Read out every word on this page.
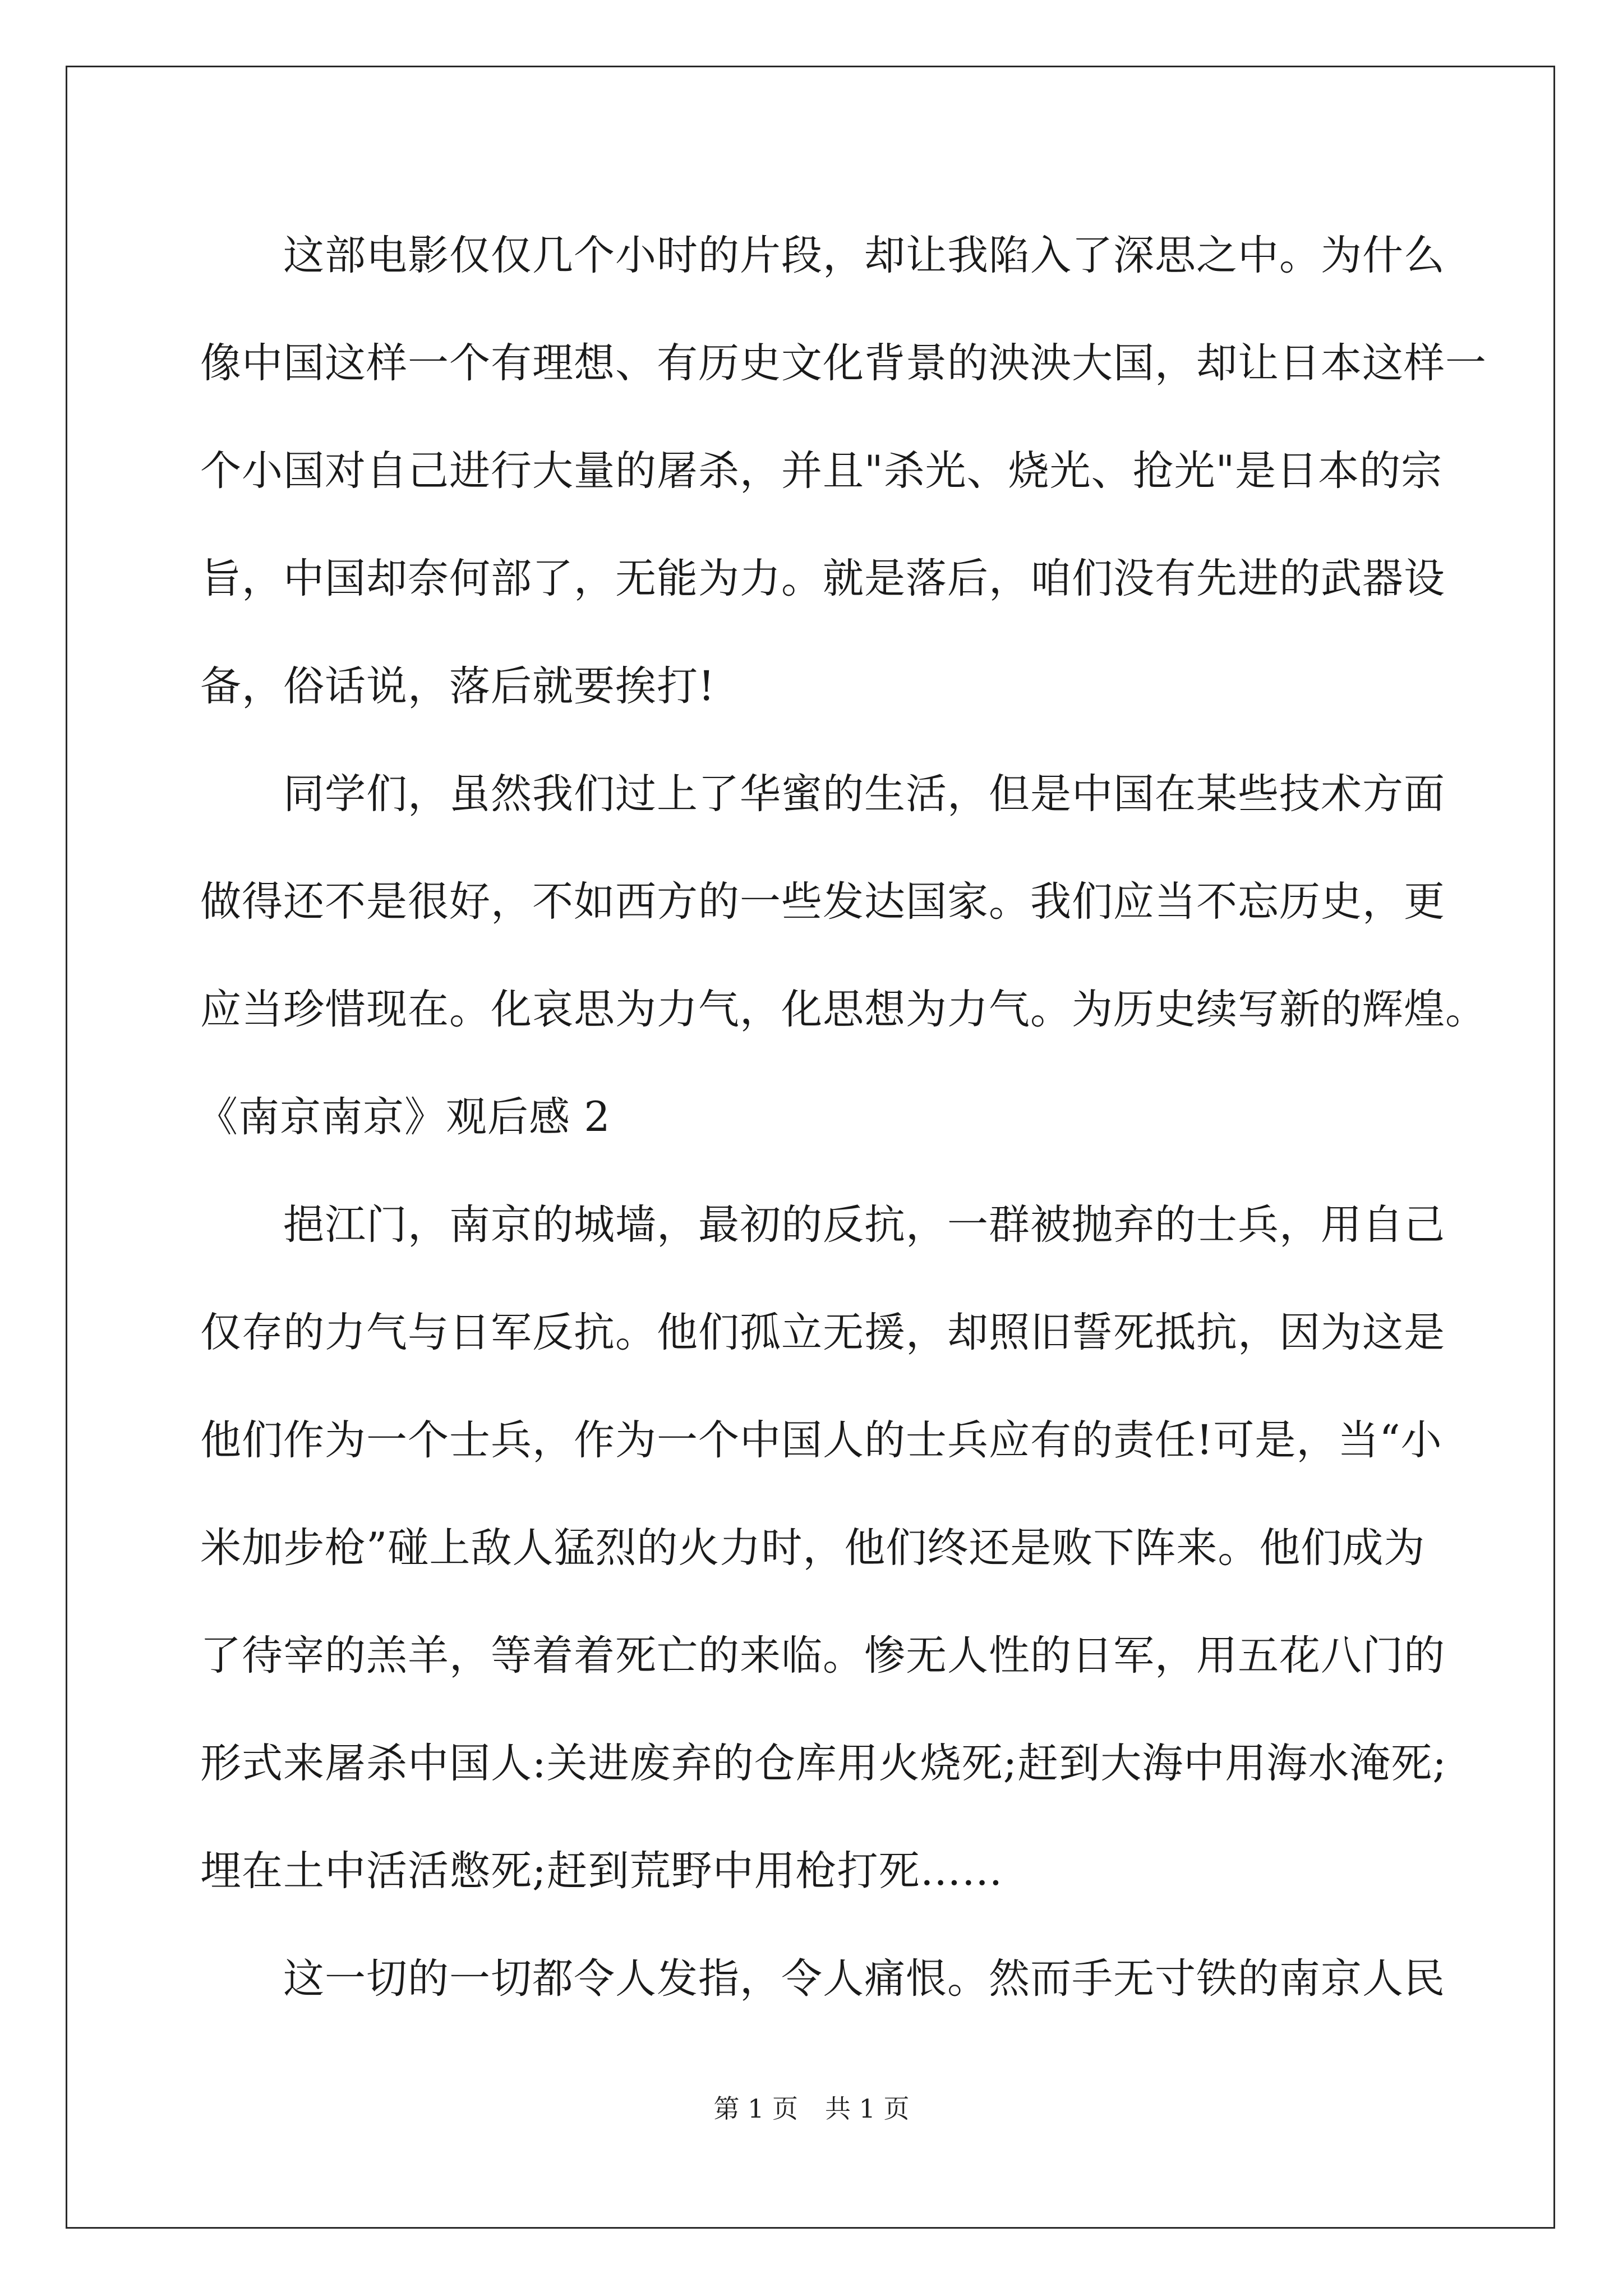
这部电影仅仅几个小时的片段，却让我陷入了深思之中。为什么
像中国这样一个有理想、有历史文化背景的泱泱大国，却让日本这样一
个小国对自己进行大量的屠杀，并且"杀光、烧光、抢光"是日本的宗
旨，中国却奈何部了，无能为力。就是落后，咱们没有先进的武器设
备，俗话说，落后就要挨打!
同学们，虽然我们过上了华蜜的生活，但是中国在某些技术方面
做得还不是很好，不如西方的一些发达国家。我们应当不忘历史，更
应当珍惜现在。化哀思为力气，化思想为力气。为历史续写新的辉煌。
《南京南京》观后感 2
挹江门，南京的城墙，最初的反抗，一群被抛弃的士兵，用自己
仅存的力气与日军反抗。他们孤立无援，却照旧誓死抵抗，因为这是
他们作为一个士兵，作为一个中国人的士兵应有的责任!可是，当“小
米加步枪”碰上敌人猛烈的火力时，他们终还是败下阵来。他们成为
了待宰的羔羊，等着着死亡的来临。惨无人性的日军，用五花八门的
形式来屠杀中国人:关进废弃的仓库用火烧死;赶到大海中用海水淹死;
埋在土中活活憋死;赶到荒野中用枪打死……
这一切的一切都令人发指，令人痛恨。然而手无寸铁的南京人民
第 1 页 共 1 页
